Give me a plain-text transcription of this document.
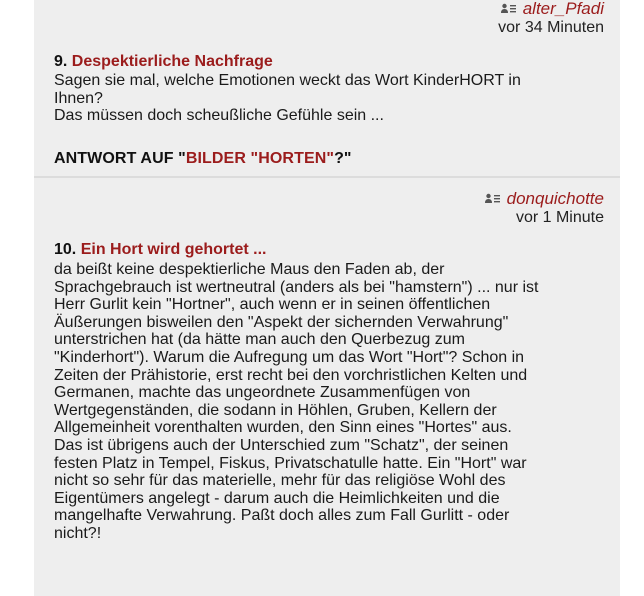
alter_Pfadi
vor 34 Minuten
9. Despektierliche Nachfrage
Sagen sie mal, welche Emotionen weckt das Wort KinderHORT in
Ihnen?
Das müssen doch scheußliche Gefühle sein ...
ANTWORT AUF "BILDER "HORTEN"?"
donquichotte
vor 1 Minute
10. Ein Hort wird gehortet ...
da beißt keine despektierliche Maus den Faden ab, der
Sprachgebrauch ist wertneutral (anders als bei "hamstern") ... nur ist
Herr Gurlit kein "Hortner", auch wenn er in seinen öffentlichen
Äußerungen bisweilen den "Aspekt der sichernden Verwahrung"
unterstrichen hat (da hätte man auch den Querbezug zum
"Kinderhort"). Warum die Aufregung um das Wort "Hort"? Schon in
Zeiten der Prähistorie, erst recht bei den vorchristlichen Kelten und
Germanen, machte das ungeordnete Zusammenfügen von
Wertgegenständen, die sodann in Höhlen, Gruben, Kellern der
Allgemeinheit vorenthalten wurden, den Sinn eines "Hortes" aus.
Das ist übrigens auch der Unterschied zum "Schatz", der seinen
festen Platz in Tempel, Fiskus, Privatschatulle hatte. Ein "Hort" war
nicht so sehr für das materielle, mehr für das religiöse Wohl des
Eigentümers angelegt - darum auch die Heimlichkeiten und die
mangelhafte Verwahrung. Paßt doch alles zum Fall Gurlitt - oder
nicht?!
